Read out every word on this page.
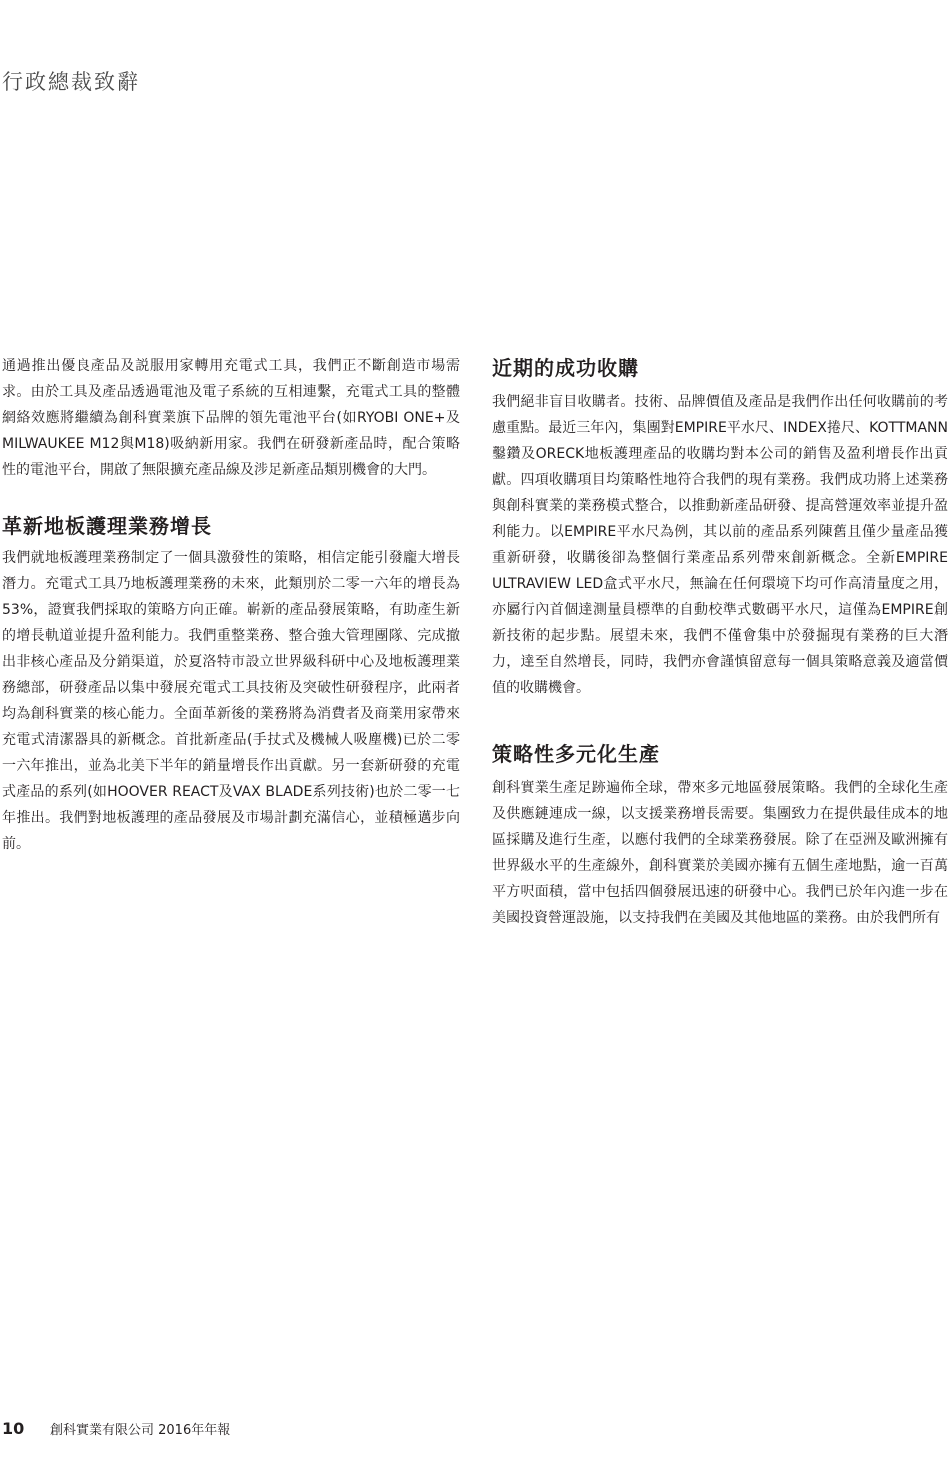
行政總裁致辭

通過推出優良產品及説服用家轉用充電式工具，我們正不斷創造市場需求。由於工具及產品透過電池及電子系統的互相連繫，充電式工具的整體網絡效應將繼續為創科實業旗下品牌的領先電池平台(如RYOBI ONE+及MILWAUKEE M12與M18)吸納新用家。我們在研發新產品時，配合策略性的電池平台，開啟了無限擴充產品線及涉足新產品類別機會的大門。

革新地板護理業務增長

我們就地板護理業務制定了一個具激發性的策略，相信定能引發龐大增長潛力。充電式工具乃地板護理業務的未來，此類別於二零一六年的增長為53%，證實我們採取的策略方向正確。嶄新的產品發展策略，有助產生新的增長軌道並提升盈利能力。我們重整業務、整合強大管理團隊、完成撤出非核心產品及分銷渠道，於夏洛特市設立世界級科研中心及地板護理業務總部，研發產品以集中發展充電式工具技術及突破性研發程序，此兩者均為創科實業的核心能力。全面革新後的業務將為消費者及商業用家帶來充電式清潔器具的新概念。首批新產品(手扙式及機械人吸塵機)已於二零一六年推出，並為北美下半年的銷量增長作出貢獻。另一套新研發的充電式產品的系列(如HOOVER REACT及VAX BLADE系列技術)也於二零一七年推出。我們對地板護理的產品發展及市場計劃充滿信心，並積極邁步向前。

近期的成功收購

我們絕非盲目收購者。技術、品牌價值及產品是我們作出任何收購前的考慮重點。最近三年內，集團對EMPIRE平水尺、INDEX捲尺、KOTTMANN鑿鑽及ORECK地板護理產品的收購均對本公司的銷售及盈利增長作出貢獻。四項收購項目均策略性地符合我們的現有業務。我們成功將上述業務與創科實業的業務模式整合，以推動新產品研發、提高營運效率並提升盈利能力。以EMPIRE平水尺為例，其以前的產品系列陳舊且僅少量產品獲重新研發，收購後卻為整個行業產品系列帶來創新概念。全新EMPIRE ULTRAVIEW LED盒式平水尺，無論在任何環境下均可作高清量度之用，亦屬行內首個達測量員標準的自動校準式數碼平水尺，這僅為EMPIRE創新技術的起步點。展望未來，我們不僅會集中於發掘現有業務的巨大潛力，達至自然增長，同時，我們亦會謹慎留意每一個具策略意義及適當價值的收購機會。

策略性多元化生產

創科實業生產足跡遍佈全球，帶來多元地區發展策略。我們的全球化生產及供應鏈連成一線，以支援業務增長需要。集團致力在提供最佳成本的地區採購及進行生產，以應付我們的全球業務發展。除了在亞洲及歐洲擁有世界級水平的生產線外，創科實業於美國亦擁有五個生產地點，逾一百萬平方呎面積，當中包括四個發展迅速的研發中心。我們已於年內進一步在美國投資營運設施，以支持我們在美國及其他地區的業務。由於我們所有

10	創科實業有限公司 2016年年報
